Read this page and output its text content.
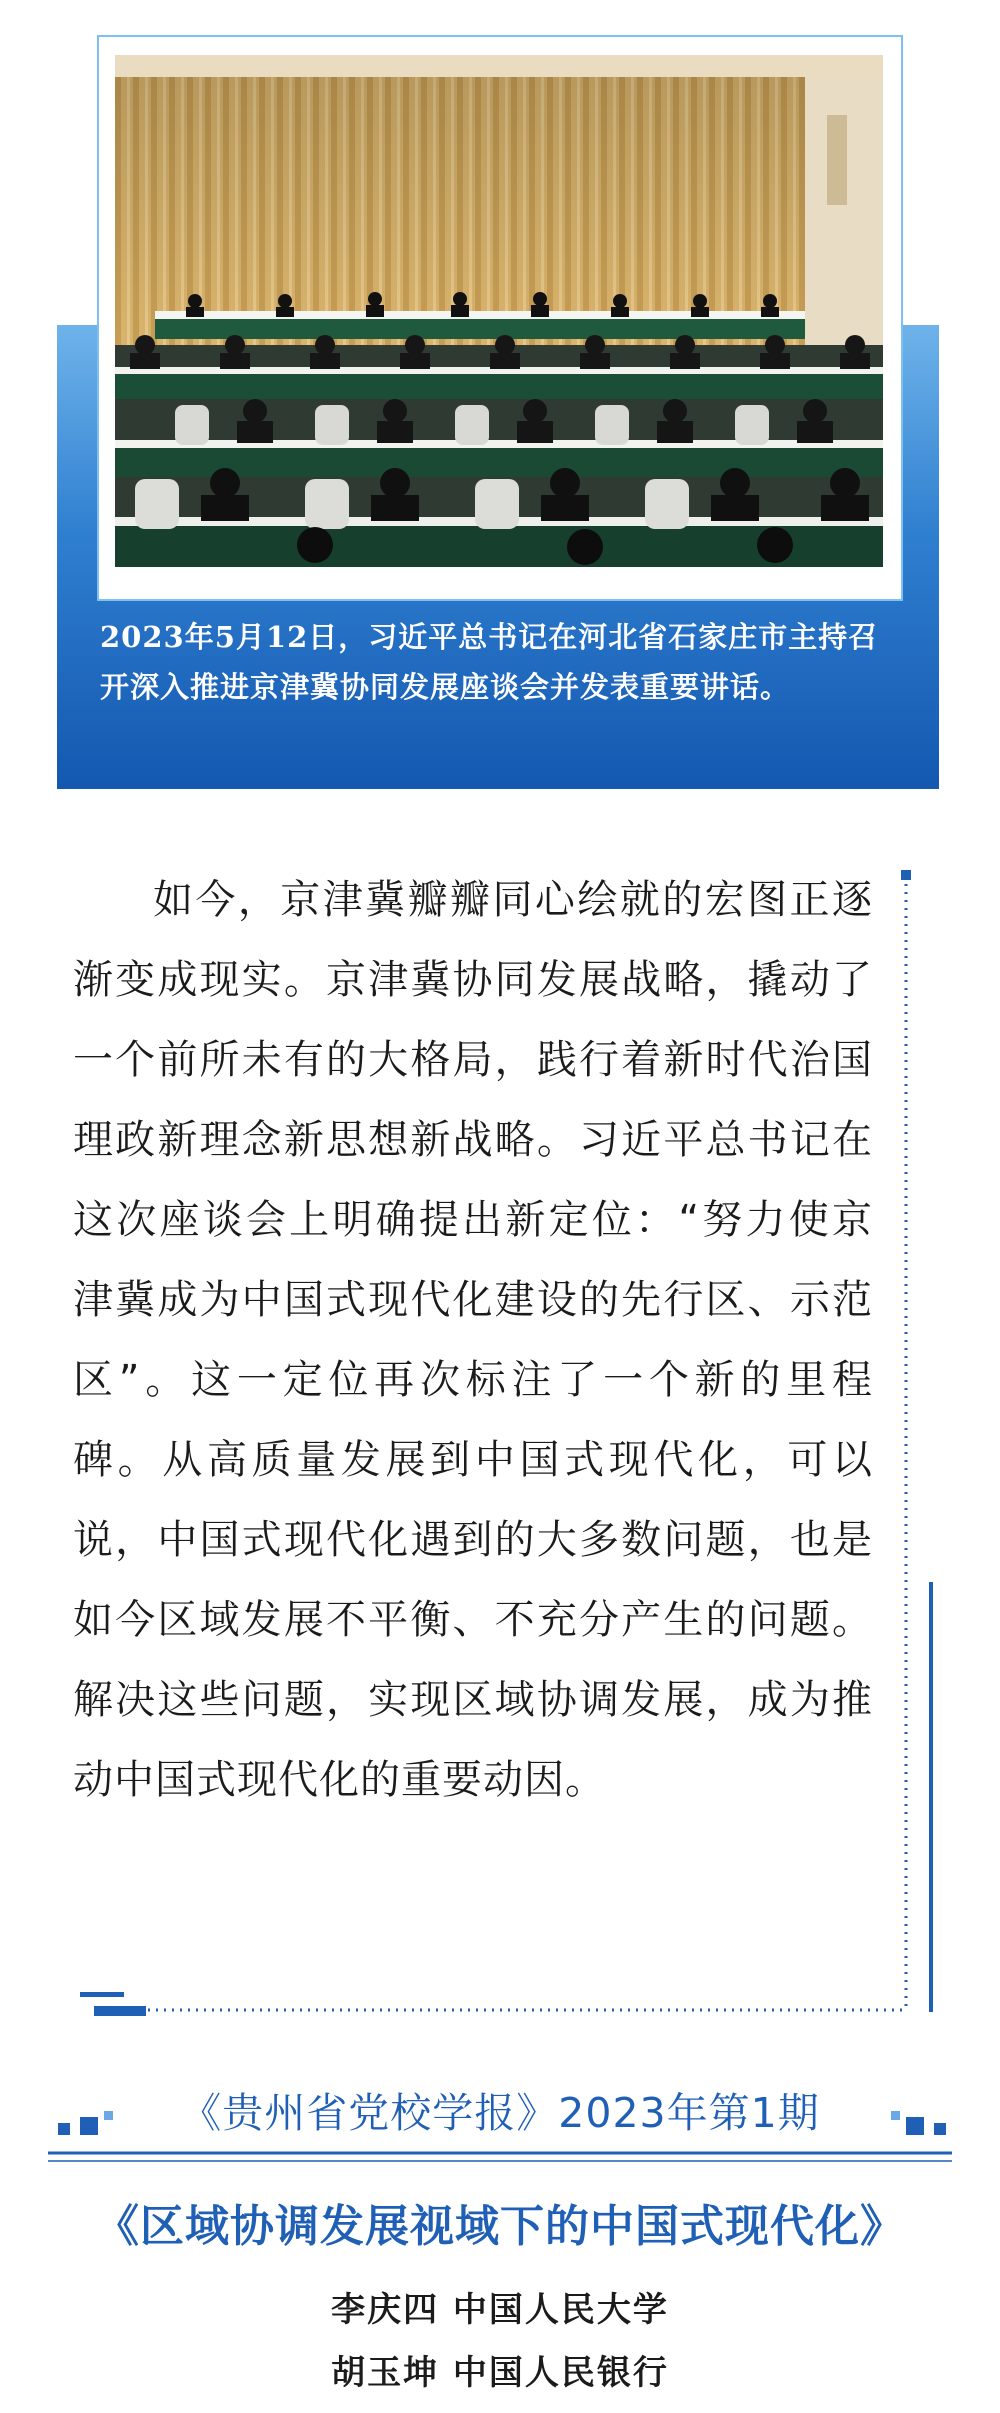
2023年5月12日，习近平总书记在河北省石家庄市主持召开深入推进京津冀协同发展座谈会并发表重要讲话。
如今，京津冀瓣瓣同心绘就的宏图正逐渐变成现实。京津冀协同发展战略，撬动了一个前所未有的大格局，践行着新时代治国理政新理念新思想新战略。习近平总书记在这次座谈会上明确提出新定位：“努力使京津冀成为中国式现代化建设的先行区、示范区”。这一定位再次标注了一个新的里程碑。从高质量发展到中国式现代化，可以说，中国式现代化遇到的大多数问题，也是如今区域发展不平衡、不充分产生的问题。解决这些问题，实现区域协调发展，成为推动中国式现代化的重要动因。
《贵州省党校学报》2023年第1期
《区域协调发展视域下的中国式现代化》
李庆四 中国人民大学
胡玉坤 中国人民银行
